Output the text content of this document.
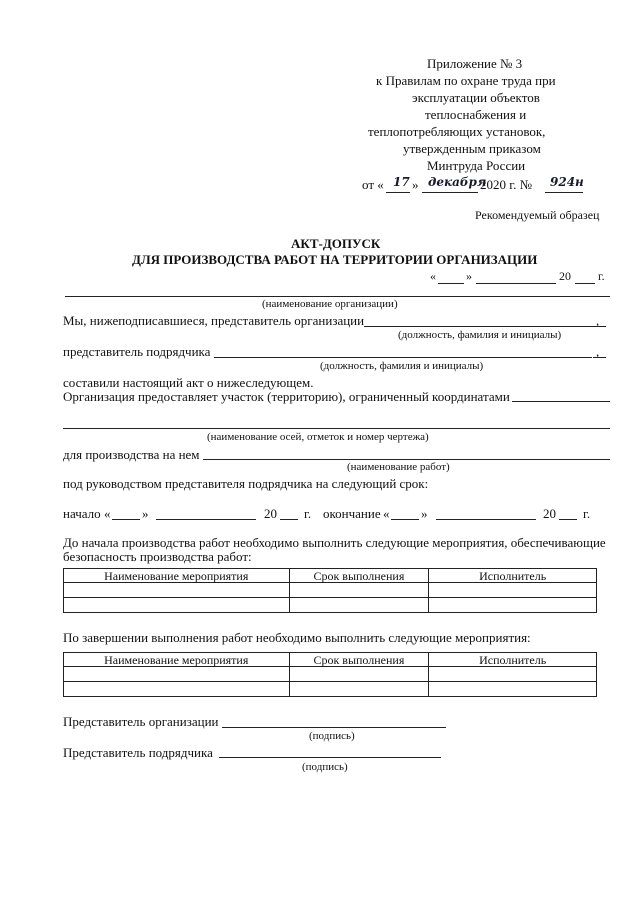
Приложение № 3
к Правилам по охране труда при
эксплуатации объектов
теплоснабжения и
теплопотребляющих установок,
утвержденным приказом
Минтруда России
от « 17 » декабря
2020 г. № 924н
Рекомендуемый образец
АКТ-ДОПУСК
ДЛЯ ПРОИЗВОДСТВА РАБОТ НА ТЕРРИТОРИИ ОРГАНИЗАЦИИ
«	»	20 г.
(наименование организации)
Мы, нижеподписавшиеся, представитель организации	,
(должность, фамилия и инициалы)
представитель подрядчика	,
(должность, фамилия и инициалы)
составили настоящий акт о нижеследующем.
Организация предоставляет участок (территорию), ограниченный координатами
(наименование осей, отметок и номер чертежа)
для производства на нем
(наименование работ)
под руководством представителя подрядчика на следующий срок:
начало « »	20 г. окончание « »	20 г.
До начала производства работ необходимо выполнить следующие мероприятия, обеспечивающие
безопасность производства работ:
Наименование мероприятия	Срок выполнения	Исполнитель

По завершении выполнения работ необходимо выполнить следующие мероприятия:
Наименование мероприятия	Срок выполнения	Исполнитель

Представитель организации
(подпись)
Представитель подрядчика
(подпись)
